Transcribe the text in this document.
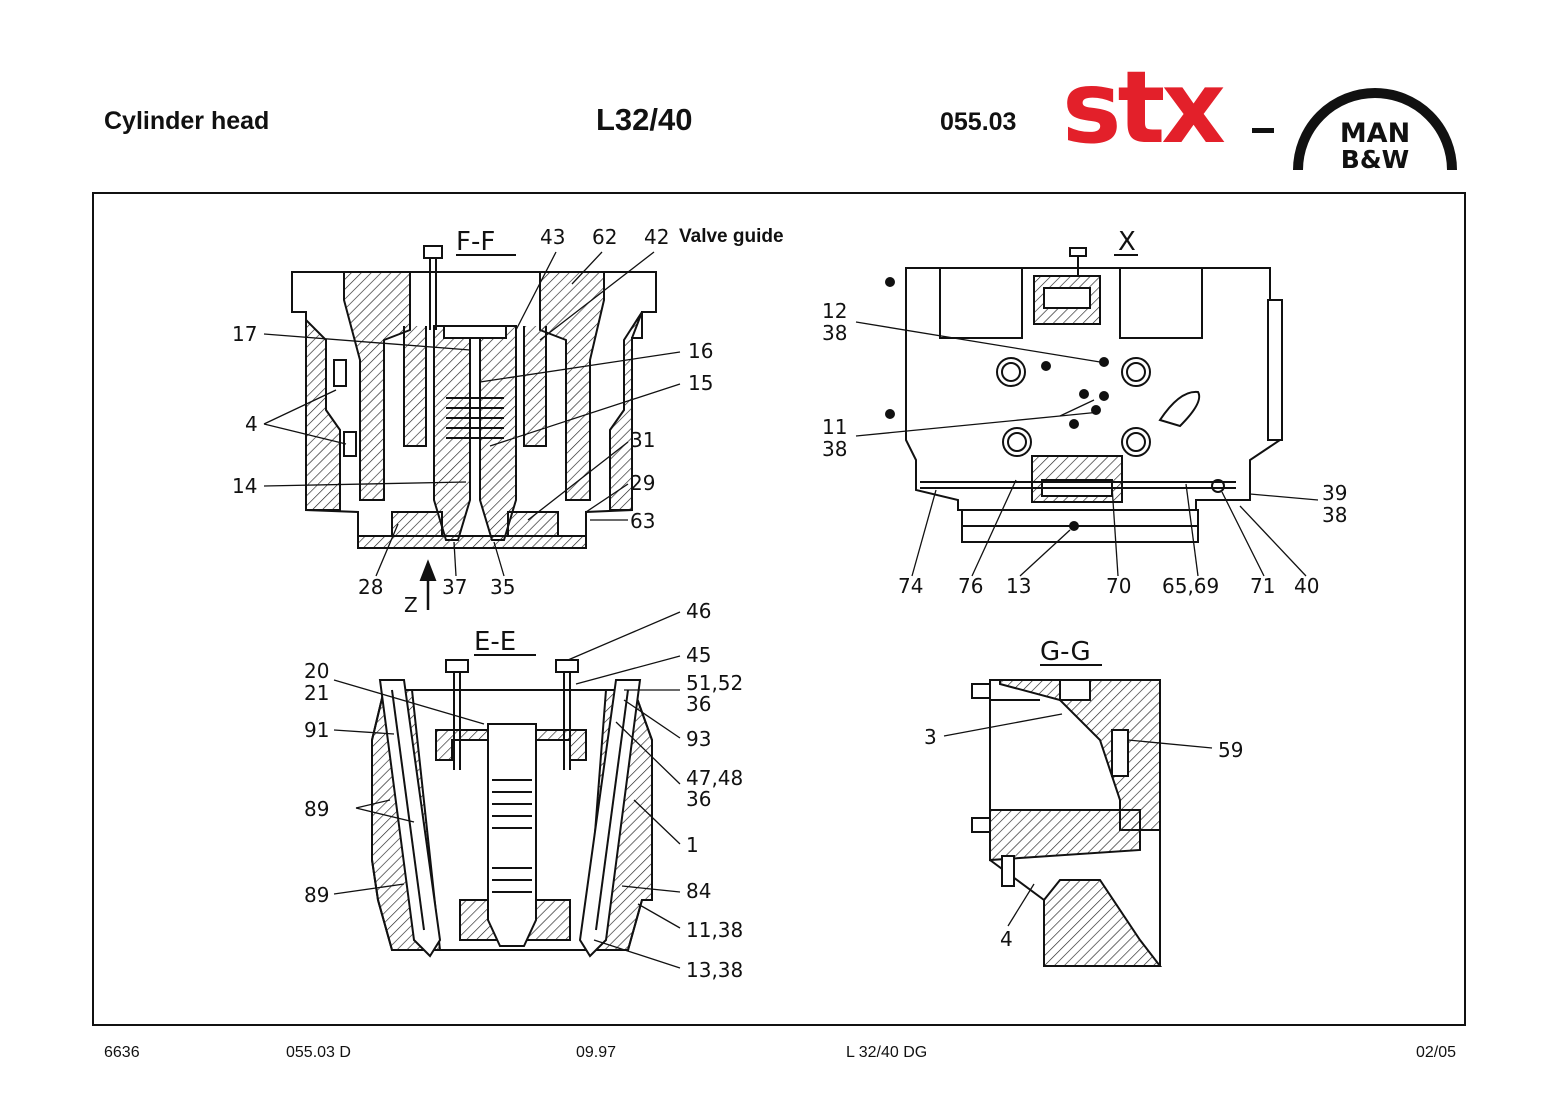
Cylinder head	L32/40	055.03 stx	MAN
B&W
F-F	Valve guide
Z
43 62 42
17
16
15
4
31
14	29
63
28	37 35
X
12
38
11
38
39
38
74 76 13	70 65,69 71 40
E-E
46
45
20
21	51,52
36
91	93
47,48
36
89
1
89	84
11,38
13,38
G-G
3
59
4
6636	055.03 D	09.97	L 32/40 DG	02/05
